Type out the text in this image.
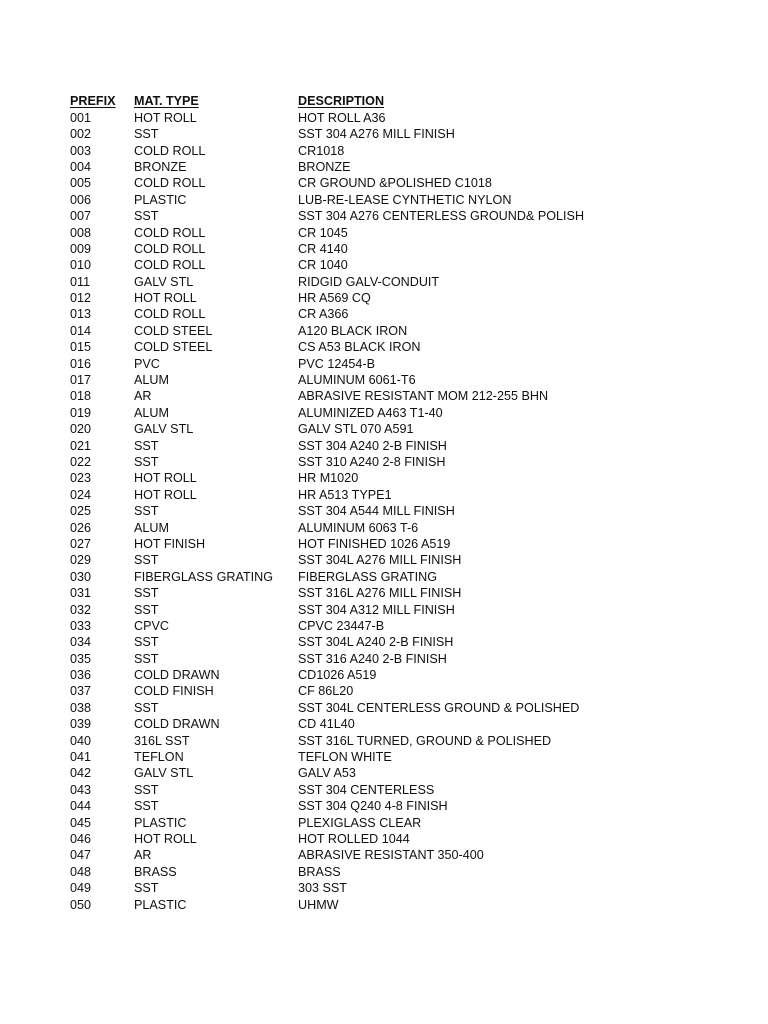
PREFIX	MAT. TYPE	DESCRIPTION
001	HOT ROLL	HOT ROLL A36
002	SST	SST 304 A276 MILL FINISH
003	COLD ROLL	CR1018
004	BRONZE	BRONZE
005	COLD ROLL	CR GROUND &POLISHED C1018
006	PLASTIC	LUB-RE-LEASE CYNTHETIC NYLON
007	SST	SST 304 A276 CENTERLESS GROUND& POLISH
008	COLD ROLL	CR 1045
009	COLD ROLL	CR 4140
010	COLD ROLL	CR 1040
011	GALV STL	RIDGID GALV-CONDUIT
012	HOT ROLL	HR A569 CQ
013	COLD ROLL	CR A366
014	COLD STEEL	A120 BLACK IRON
015	COLD STEEL	CS A53 BLACK IRON
016	PVC	PVC 12454-B
017	ALUM	ALUMINUM 6061-T6
018	AR	ABRASIVE RESISTANT MOM 212-255 BHN
019	ALUM	ALUMINIZED A463 T1-40
020	GALV STL	GALV STL 070 A591
021	SST	SST 304 A240 2-B FINISH
022	SST	SST 310 A240 2-8 FINISH
023	HOT ROLL	HR M1020
024	HOT ROLL	HR A513 TYPE1
025	SST	SST 304 A544 MILL FINISH
026	ALUM	ALUMINUM 6063 T-6
027	HOT FINISH	HOT FINISHED 1026 A519
029	SST	SST 304L A276 MILL FINISH
030	FIBERGLASS GRATING	FIBERGLASS GRATING
031	SST	SST 316L A276 MILL FINISH
032	SST	SST 304 A312 MILL FINISH
033	CPVC	CPVC 23447-B
034	SST	SST 304L A240 2-B FINISH
035	SST	SST 316 A240 2-B FINISH
036	COLD DRAWN	CD1026 A519
037	COLD FINISH	CF 86L20
038	SST	SST 304L CENTERLESS GROUND & POLISHED
039	COLD DRAWN	CD 41L40
040	316L SST	SST 316L TURNED, GROUND & POLISHED
041	TEFLON	TEFLON WHITE
042	GALV STL	GALV A53
043	SST	SST 304 CENTERLESS
044	SST	SST 304 Q240 4-8 FINISH
045	PLASTIC	PLEXIGLASS CLEAR
046	HOT ROLL	HOT ROLLED 1044
047	AR	ABRASIVE RESISTANT 350-400
048	BRASS	BRASS
049	SST	303 SST
050	PLASTIC	UHMW
